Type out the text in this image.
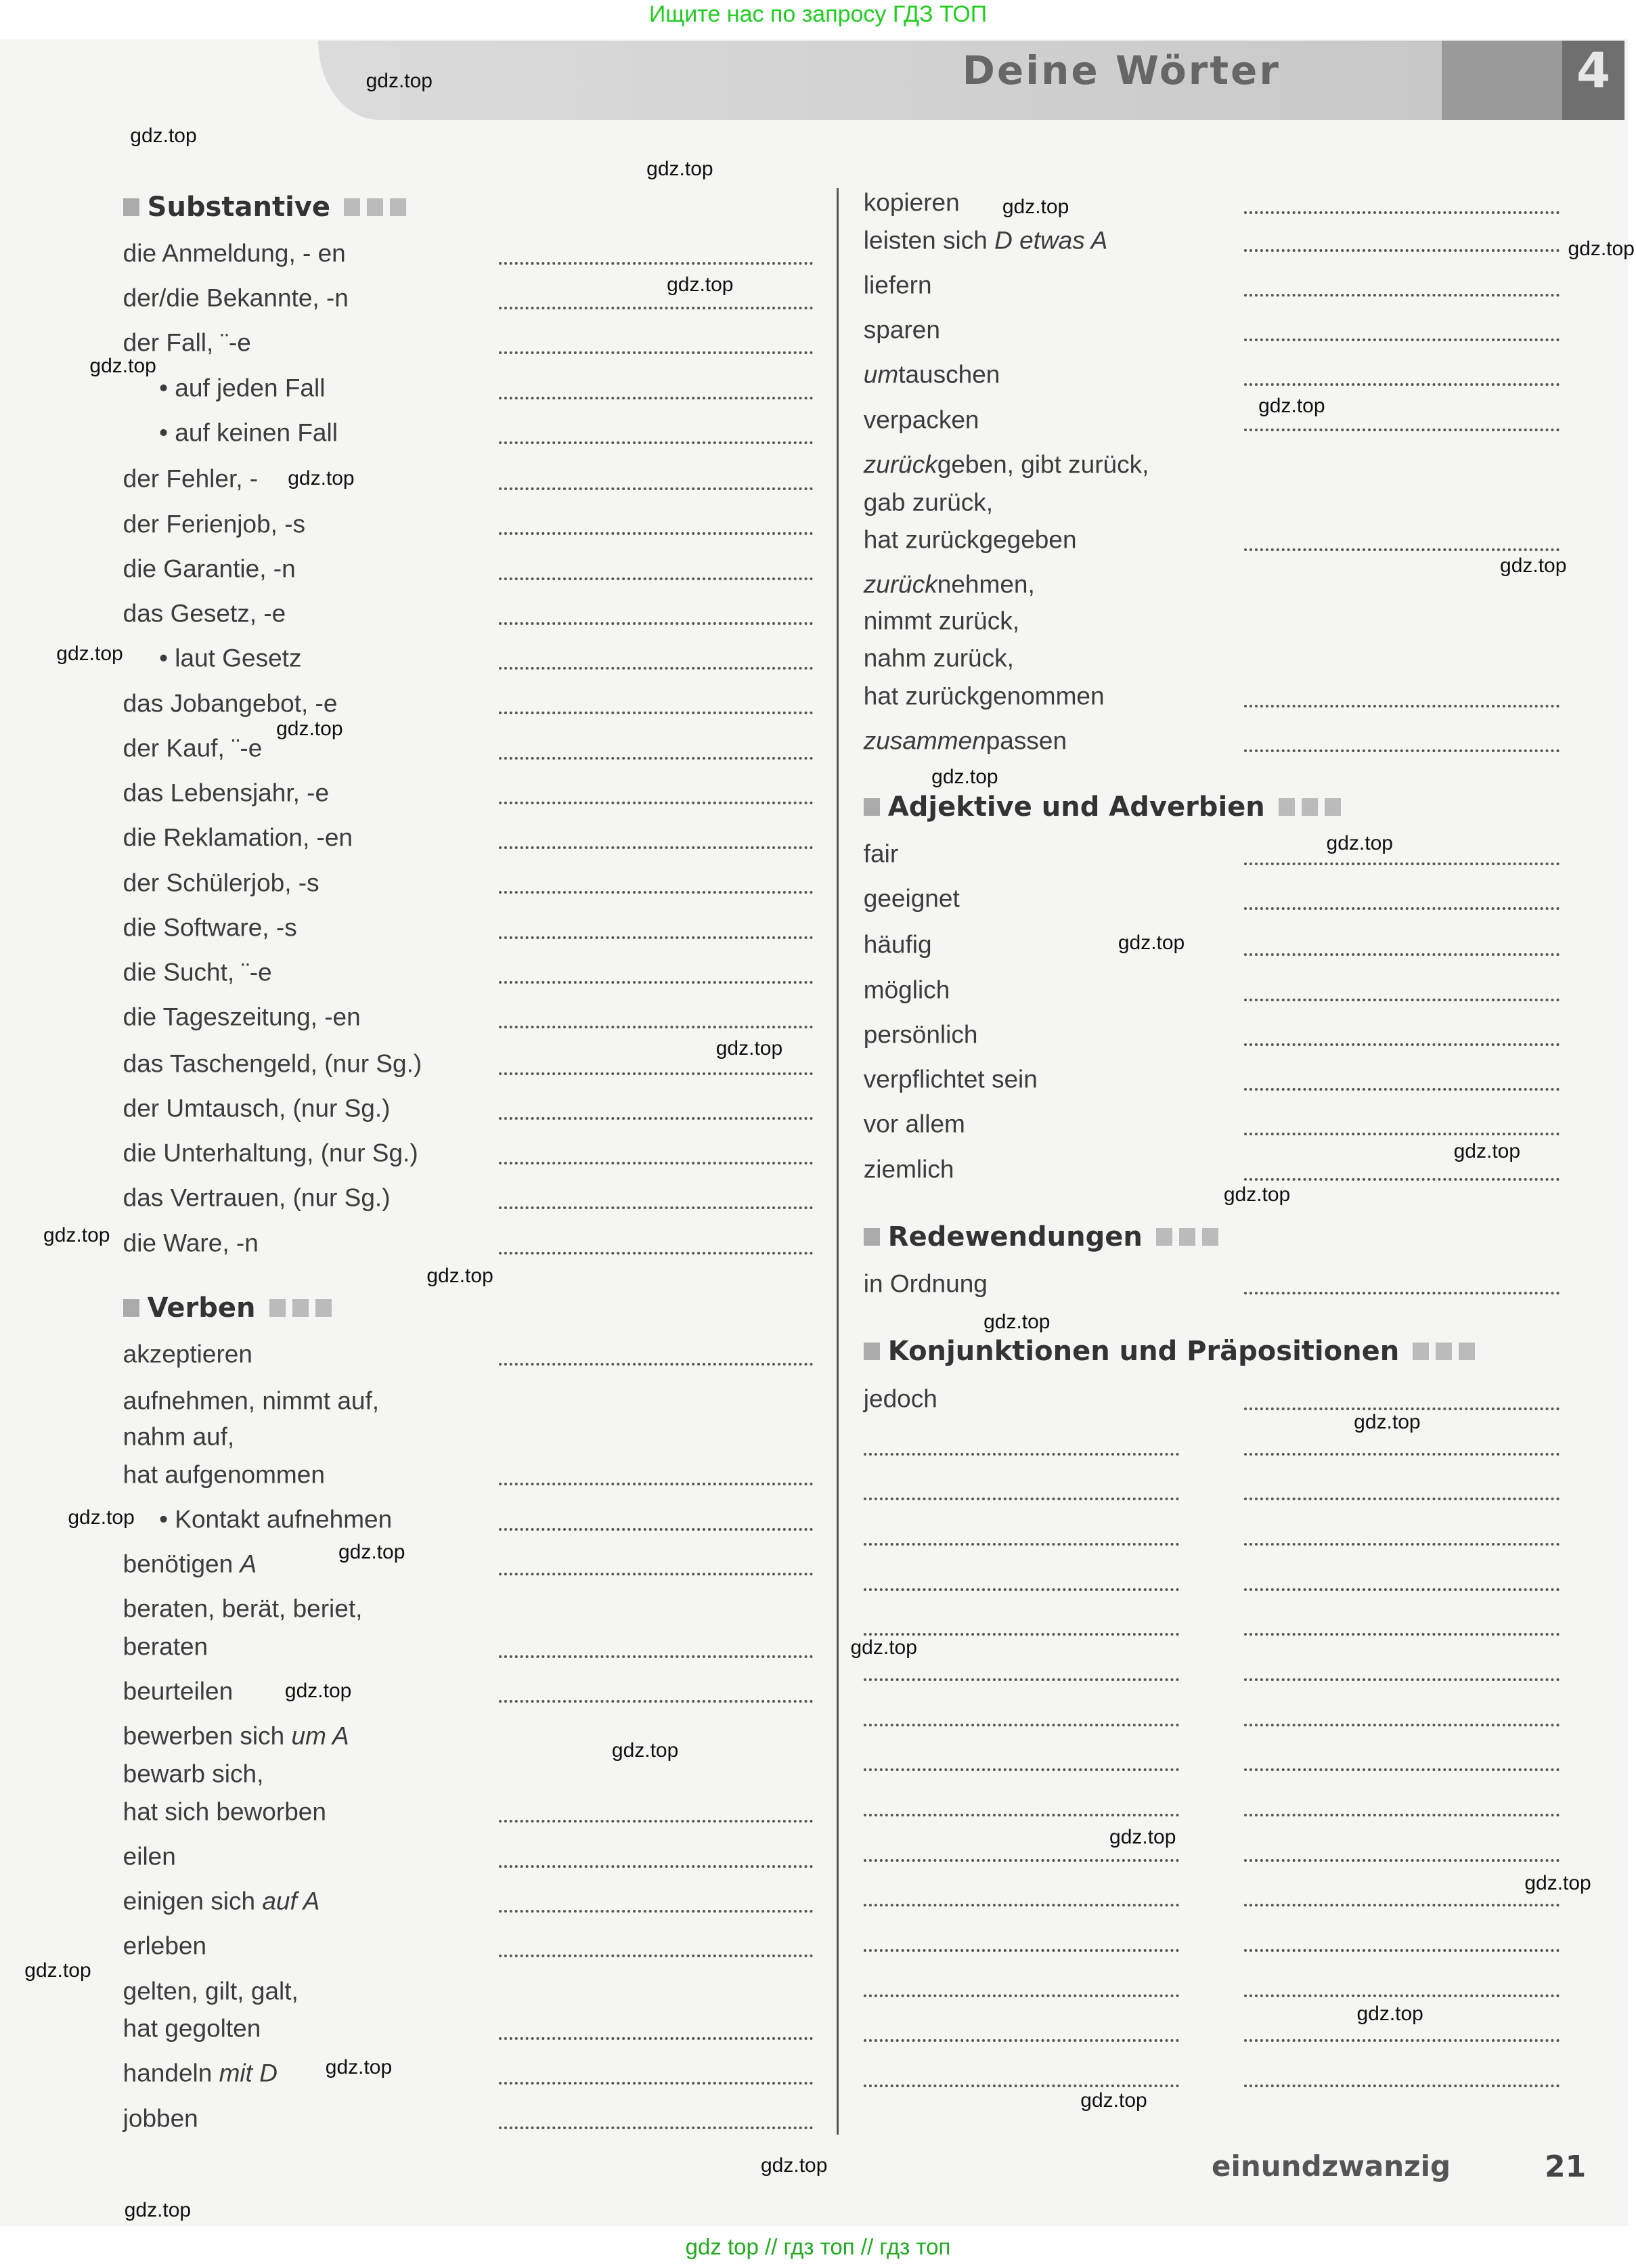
Ищите нас по запросу ГДЗ ТОП
Deine Wörter	4
Substantive
die Anmeldung, - en
der/die Bekannte, -n
der Fall, ¨-e
• auf jeden Fall
• auf keinen Fall
der Fehler, -
der Ferienjob, -s
die Garantie, -n
das Gesetz, -e
• laut Gesetz
das Jobangebot, -e
der Kauf, ¨-e
das Lebensjahr, -e
die Reklamation, -en
der Schülerjob, -s
die Software, -s
die Sucht, ¨-e
die Tageszeitung, -en
das Taschengeld, (nur Sg.)
der Umtausch, (nur Sg.)
die Unterhaltung, (nur Sg.)
das Vertrauen, (nur Sg.)
die Ware, -n
Verben
akzeptieren
aufnehmen, nimmt auf,
nahm auf,
hat aufgenommen
• Kontakt aufnehmen
benötigen A
beraten, berät, beriet,
beraten
beurteilen
bewerben sich um A
bewarb sich,
hat sich beworben
eilen
einigen sich auf A
erleben
gelten, gilt, galt,
hat gegolten
handeln mit D
jobben
kopieren
leisten sich D etwas A
liefern
sparen
umtauschen
verpacken
zurückgeben, gibt zurück,
gab zurück,
hat zurückgegeben
zurücknehmen,
nimmt zurück,
nahm zurück,
hat zurückgenommen
zusammenpassen
Adjektive und Adverbien
fair
geeignet
häufig
möglich
persönlich
verpflichtet sein
vor allem
ziemlich
Redewendungen
in Ordnung
Konjunktionen und Präpositionen
jedoch
gdz.top
gdz.top
gdz.top
gdz.top
gdz.top
gdz.top
gdz.top
gdz.top
gdz.top
gdz.top
gdz.top
gdz.top
gdz.top
gdz.top
gdz.top
gdz.top
gdz.top
gdz.top
gdz.top
gdz.top
gdz.top
gdz.top
gdz.top
gdz.top
gdz.top
gdz.top
gdz.top
gdz.top
gdz.top
gdz.top
gdz.top
gdz.top
gdz.top
gdz.top
gdz.top
einundzwanzig	21
gdz top // гдз топ // гдз топ
